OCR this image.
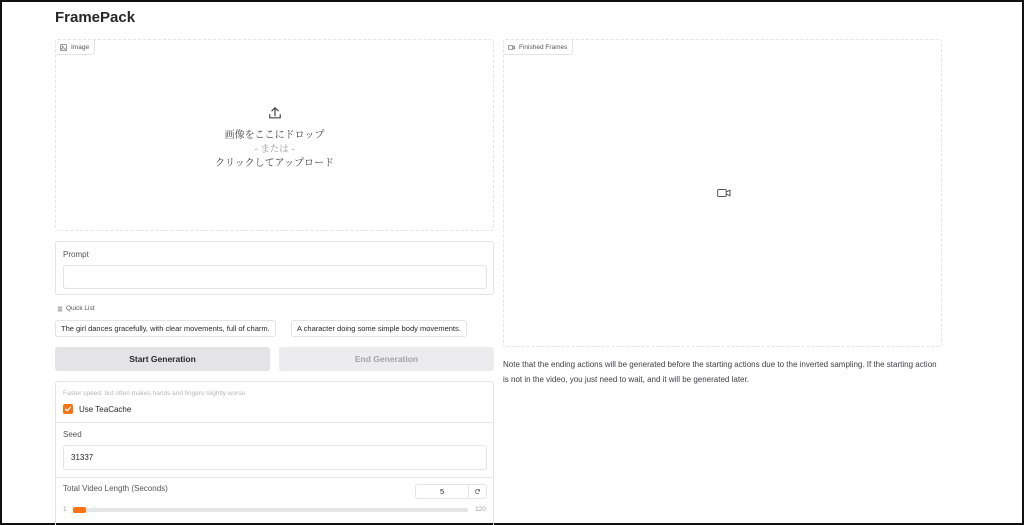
FramePack
Image
画像をここにドロップ
- または -
クリックしてアップロード
Finished Frames
Prompt
Quick List
The girl dances gracefully, with clear movements, full of charm.	A character doing some simple body movements.
Start Generation	End Generation
Faster speed, but often makes hands and fingers slightly worse.
Use TeaCache
Seed
31337
Total Video Length (Seconds)	5
1	120
Note that the ending actions will be generated before the starting actions due to the inverted sampling. If the starting action is not in the video, you just need to wait, and it will be generated later.
